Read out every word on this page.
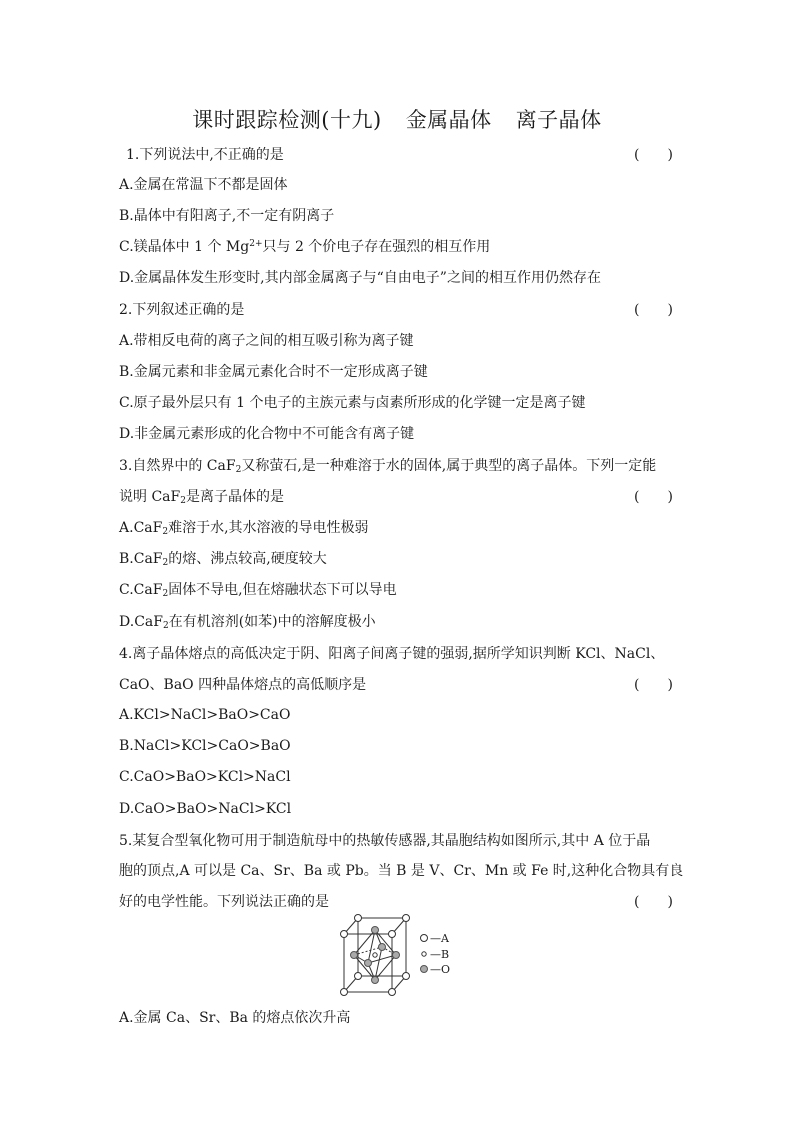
课时跟踪检测(十九) 金属晶体 离子晶体
1.下列说法中,不正确的是	(　　)
A.金属在常温下不都是固体
B.晶体中有阳离子,不一定有阴离子
C.镁晶体中 1 个 $Mg^{2+}$只与 2 个价电子存在强烈的相互作用
D.金属晶体发生形变时,其内部金属离子与“自由电子”之间的相互作用仍然存在
2.下列叙述正确的是	(　　)
A.带相反电荷的离子之间的相互吸引称为离子键
B.金属元素和非金属元素化合时不一定形成离子键
C.原子最外层只有 1 个电子的主族元素与卤素所形成的化学键一定是离子键
D.非金属元素形成的化合物中不可能含有离子键
3.自然界中的 CaF$_2$又称萤石,是一种难溶于水的固体,属于典型的离子晶体。下列一定能
说明 CaF$_2$是离子晶体的是	(　　)
A.CaF$_2$难溶于水,其水溶液的导电性极弱
B.CaF$_2$的熔、沸点较高,硬度较大
C.CaF$_2$固体不导电,但在熔融状态下可以导电
D.CaF$_2$在有机溶剂(如苯)中的溶解度极小
4.离子晶体熔点的高低决定于阴、阳离子间离子键的强弱,据所学知识判断 KCl、NaCl、
CaO、BaO 四种晶体熔点的高低顺序是	(　　)
A.KCl>NaCl>BaO>CaO
B.NaCl>KCl>CaO>BaO
C.CaO>BaO>KCl>NaCl
D.CaO>BaO>NaCl>KCl
5.某复合型氧化物可用于制造航母中的热敏传感器,其晶胞结构如图所示,其中 A 位于晶
胞的顶点,A 可以是 Ca、Sr、Ba 或 Pb。当 B 是 V、Cr、Mn 或 Fe 时,这种化合物具有良
好的电学性能。下列说法正确的是	(　　)
—A
—B
—O
A.金属 Ca、Sr、Ba 的熔点依次升高
